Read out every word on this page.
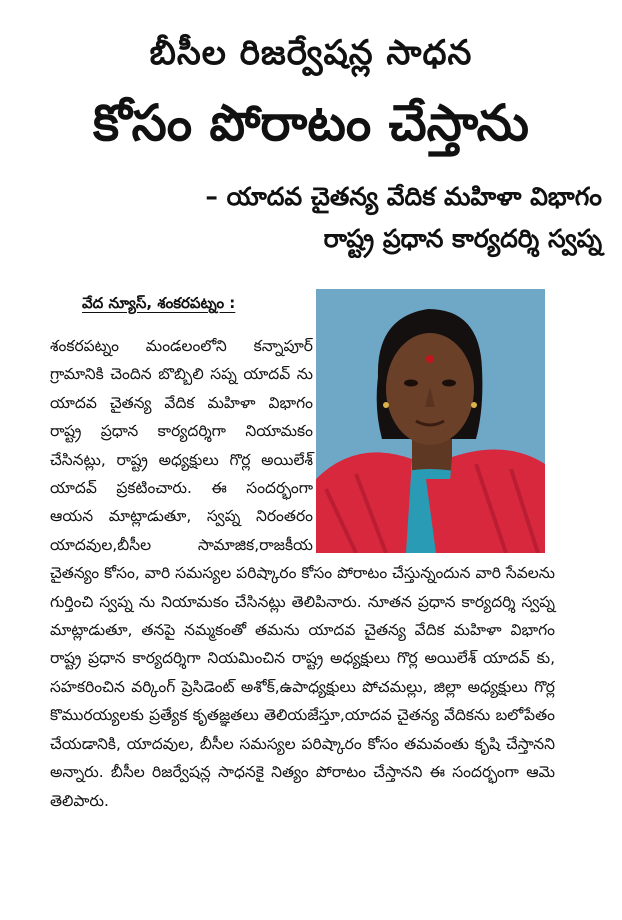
బీసీల రిజర్వేషన్ల సాధన
కోసం పోరాటం చేస్తాను
– యాదవ చైతన్య వేదిక మహిళా విభాగం
రాష్ట్ర ప్రధాన కార్యదర్శి స్వప్న
వేద న్యూస్, శంకరపట్నం :
శంకరపట్నం మండలంలోని కన్నాపూర్ గ్రామానికి చెందిన బొబ్బిలి సప్న యాదవ్ ను యాదవ చైతన్య వేదిక మహిళా విభాగం రాష్ట్ర ప్రధాన కార్యదర్శిగా నియామకం చేసినట్లు, రాష్ట్ర అధ్యక్షులు గొర్ల అయిలేశ్ యాదవ్ ప్రకటించారు. ఈ సందర్భంగా ఆయన మాట్లాడుతూ, స్వప్న నిరంతరం యాదవుల,బీసీల సామాజిక,రాజకీయ చైతన్యం కోసం, వారి సమస్యల పరిష్కారం కోసం పోరాటం చేస్తున్నందున వారి సేవలను గుర్తించి స్వప్న ను నియామకం చేసినట్లు తెలిపినారు. నూతన ప్రధాన కార్యదర్శి స్వప్న మాట్లాడుతూ, తనపై నమ్మకంతో తమను యాదవ చైతన్య వేదిక మహిళా విభాగం రాష్ట్ర ప్రధాన కార్యదర్శిగా నియమించిన రాష్ట్ర అధ్యక్షులు గొర్ల అయిలేశ్ యాదవ్ కు, సహకరించిన వర్కింగ్ ప్రెసిడెంట్ అశోక్,ఉపాధ్యక్షులు పోచమల్లు, జిల్లా అధ్యక్షులు గొర్ల కొమురయ్యలకు ప్రత్యేక కృతజ్ఞతలు తెలియజేస్తూ,యాదవ చైతన్య వేదికను బలోపేతం చేయడానికి, యాదవుల, బీసీల సమస్యల పరిష్కారం కోసం తమవంతు కృషి చేస్తానని అన్నారు. బీసీల రిజర్వేషన్ల సాధనకై నిత్యం పోరాటం చేస్తానని ఈ సందర్భంగా ఆమె తెలిపారు.
